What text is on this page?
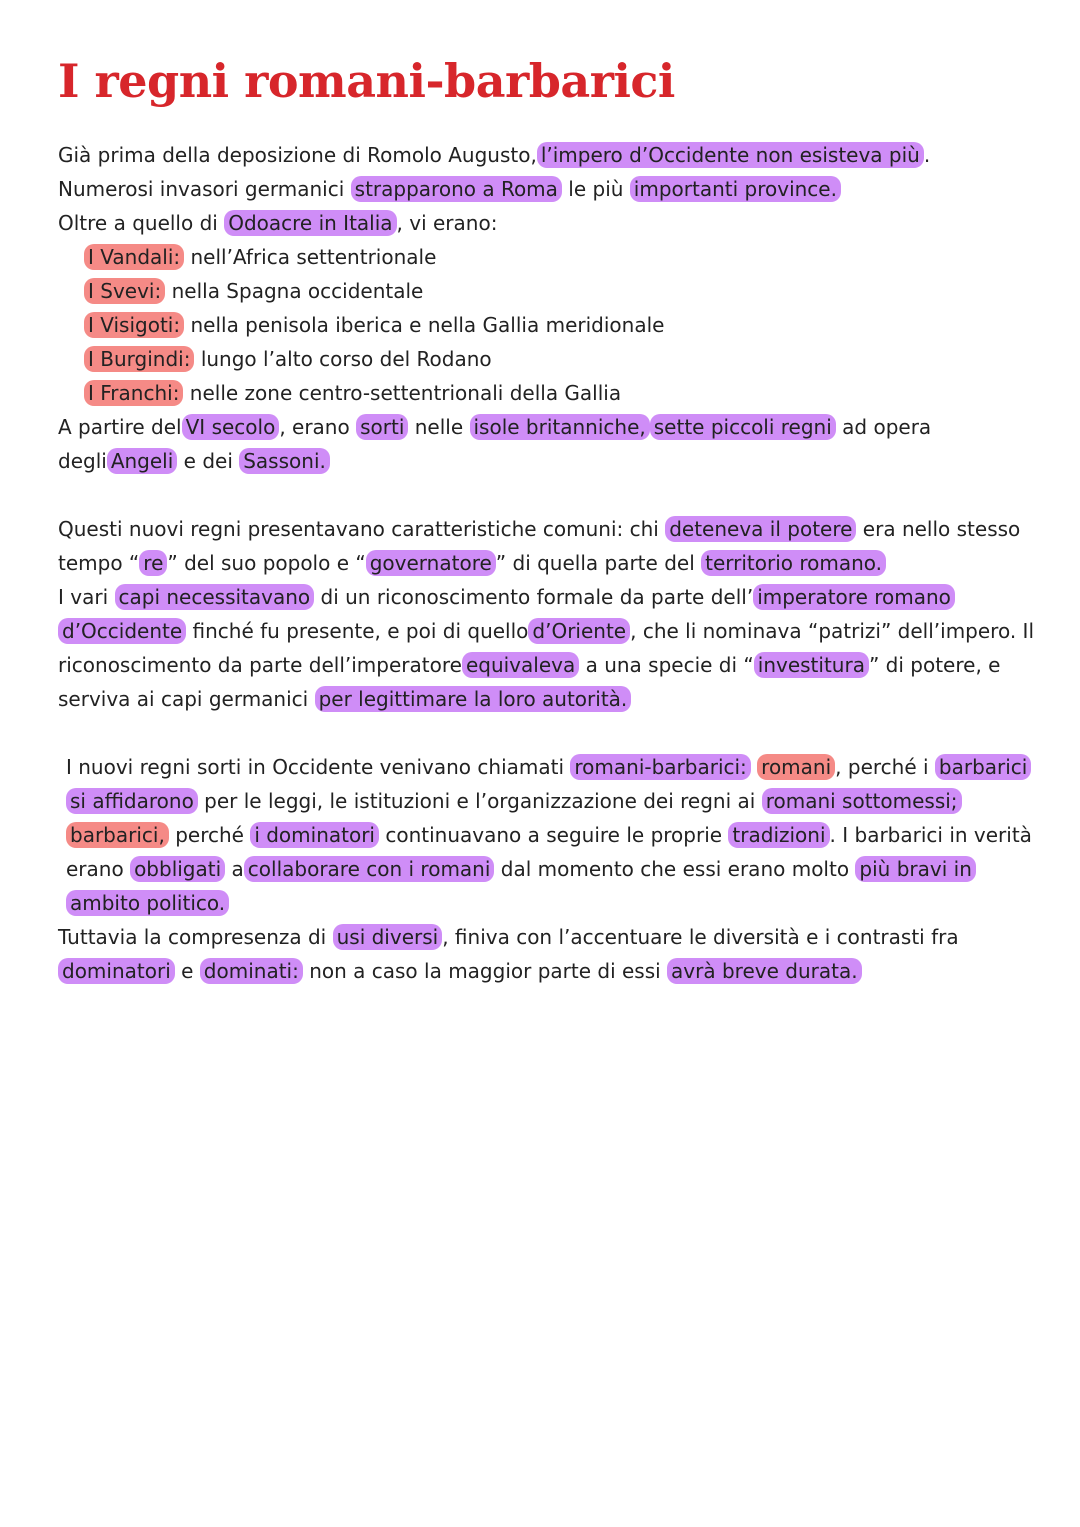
I regni romani-barbarici

Già prima della deposizione di Romolo Augusto, l’impero d’Occidente non esisteva più .
Numerosi invasori germanici strapparono a Roma le più importanti province.
Oltre a quello di Odoacre in Italia , vi erano:

I Vandali: nell’Africa settentrionale
I Svevi: nella Spagna occidentale
I Visigoti: nella penisola iberica e nella Gallia meridionale
I Burgindi: lungo l’alto corso del Rodano
I Franchi: nelle zone centro-settentrionali della Gallia

A partire del VI secolo , erano sorti nelle isole britanniche, sette piccoli regni ad opera degli Angeli e dei Sassoni.

Questi nuovi regni presentavano caratteristiche comuni: chi deteneva il potere era nello stesso tempo “ re ” del suo popolo e “ governatore ” di quella parte del territorio romano.

I vari capi necessitavano di un riconoscimento formale da parte dell’ imperatore romano d’Occidente finché fu presente, e poi di quello d’Oriente , che li nominava “patrizi” dell’impero. Il riconoscimento da parte dell’imperatore equivaleva a una specie di “ investitura ” di potere, e serviva ai capi germanici per legittimare la loro autorità.

I nuovi regni sorti in Occidente venivano chiamati romani-barbarici: romani , perché i barbarici si affidarono per le leggi, le istituzioni e l’organizzazione dei regni ai romani sottomessi; barbarici, perché i dominatori continuavano a seguire le proprie tradizioni . I barbarici in verità erano obbligati a collaborare con i romani dal momento che essi erano molto più bravi in ambito politico.

Tuttavia la compresenza di usi diversi , finiva con l’accentuare le diversità e i contrasti fra dominatori e dominati: non a caso la maggior parte di essi avrà breve durata.
